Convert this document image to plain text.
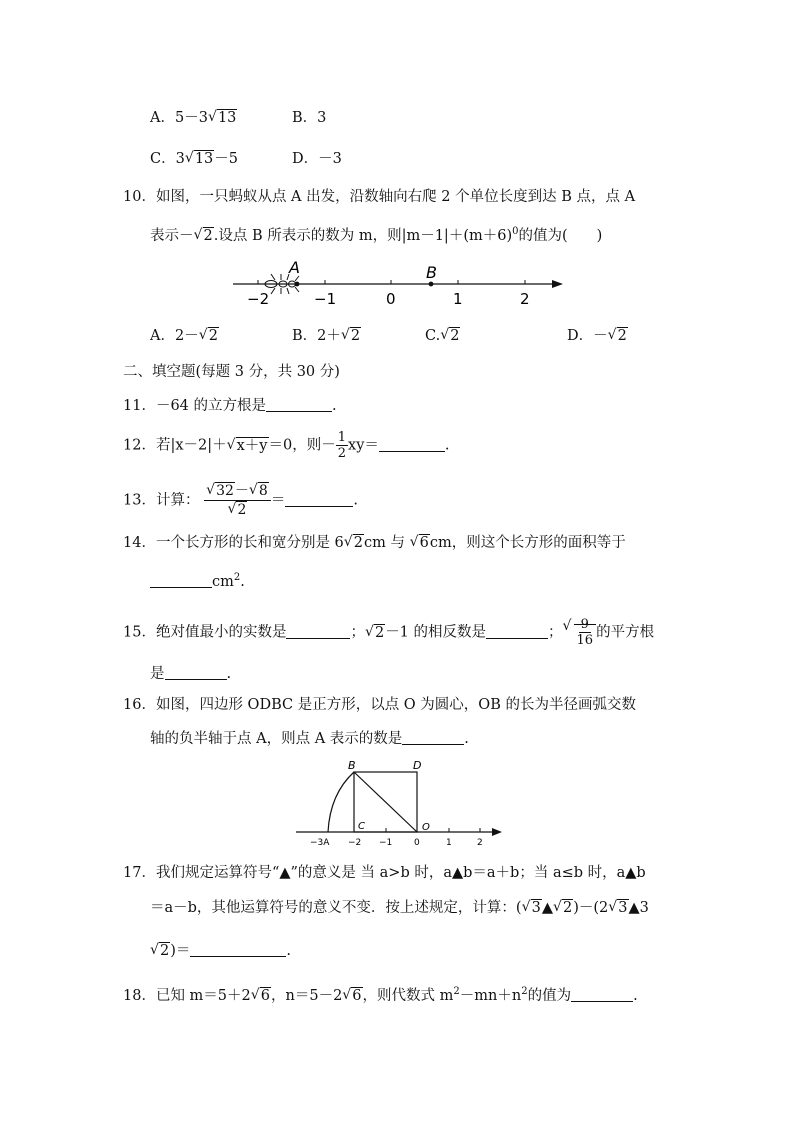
A．5－3 √ 13	B．3
C．3 √ 13－5	D．－3
10．如图，一只蚂蚁从点 A 出发，沿数轴向右爬 2 个单位长度到达 B 点，点 A
表示－ √ 2.设点 B 所表示的数为 m，则$|m-1|+(m+6)^0$的值为(　　)
A	B
−2	−1	0	1	2
A．2－ √ 2	B．2＋ √ 2	C. √ 2	D．－ √ 2
二、填空题(每题 3 分，共 30 分)
11．－64 的立方根是	.
12．若|x－2|＋ √ x＋y＝0，则－ $\frac{1}{2} xy=$	.
13．计算： √ 32－ √ 8
√ 2 ＝	.
14．一个长方形的长和宽分别是 6 √ 2cm 与 √ 6cm，则这个长方形的面积等于
$cm^2$.
15．绝对值最小的实数是	； √ 2－1 的相反数是	； √ $\frac{9}{16}$ 的平方根
是	.
16．如图，四边形 ODBC 是正方形，以点 O 为圆心，OB 的长为半径画弧交数
轴的负半轴于点 A，则点 A 表示的数是	.
B	D
C	O
−3A −2 −1 0	1	2
17．我们规定运算符号“▲”的意义是 当 a>b 时，a▲b＝a＋b；当 a≤b 时，a▲b
＝a－b，其他运算符号的意义不变．按上述规定，计算：( √ 3▲ √ 2)－(2 √ 3▲3
√ 2)＝	.
18．已知 m＝5＋2 √ 6，n＝5－2 √ 6，则代数式 $m^2-mn+n^2$的值为	.
